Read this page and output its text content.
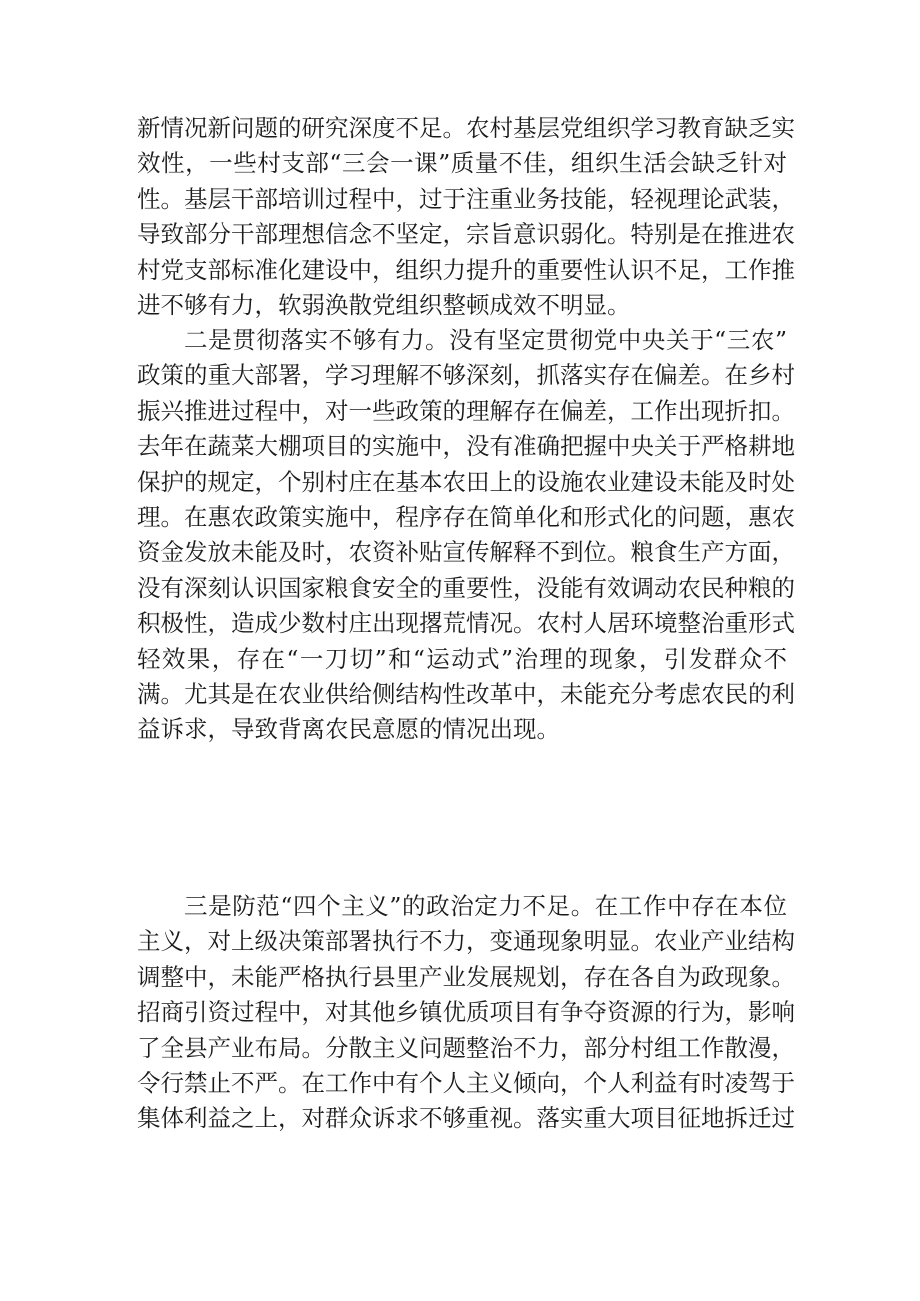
新情况新问题的研究深度不足。农村基层党组织学习教育缺乏实
效性，一些村支部“三会一课”质量不佳，组织生活会缺乏针对
性。基层干部培训过程中，过于注重业务技能，轻视理论武装，
导致部分干部理想信念不坚定，宗旨意识弱化。特别是在推进农
村党支部标准化建设中，组织力提升的重要性认识不足，工作推
进不够有力，软弱涣散党组织整顿成效不明显。
二是贯彻落实不够有力。没有坚定贯彻党中央关于“三农”
政策的重大部署，学习理解不够深刻，抓落实存在偏差。在乡村
振兴推进过程中，对一些政策的理解存在偏差，工作出现折扣。
去年在蔬菜大棚项目的实施中，没有准确把握中央关于严格耕地
保护的规定，个别村庄在基本农田上的设施农业建设未能及时处
理。在惠农政策实施中，程序存在简单化和形式化的问题，惠农
资金发放未能及时，农资补贴宣传解释不到位。粮食生产方面，
没有深刻认识国家粮食安全的重要性，没能有效调动农民种粮的
积极性，造成少数村庄出现撂荒情况。农村人居环境整治重形式
轻效果，存在“一刀切”和“运动式”治理的现象，引发群众不
满。尤其是在农业供给侧结构性改革中，未能充分考虑农民的利
益诉求，导致背离农民意愿的情况出现。
三是防范“四个主义”的政治定力不足。在工作中存在本位
主义，对上级决策部署执行不力，变通现象明显。农业产业结构
调整中，未能严格执行县里产业发展规划，存在各自为政现象。
招商引资过程中，对其他乡镇优质项目有争夺资源的行为，影响
了全县产业布局。分散主义问题整治不力，部分村组工作散漫，
令行禁止不严。在工作中有个人主义倾向，个人利益有时凌驾于
集体利益之上，对群众诉求不够重视。落实重大项目征地拆迁过
